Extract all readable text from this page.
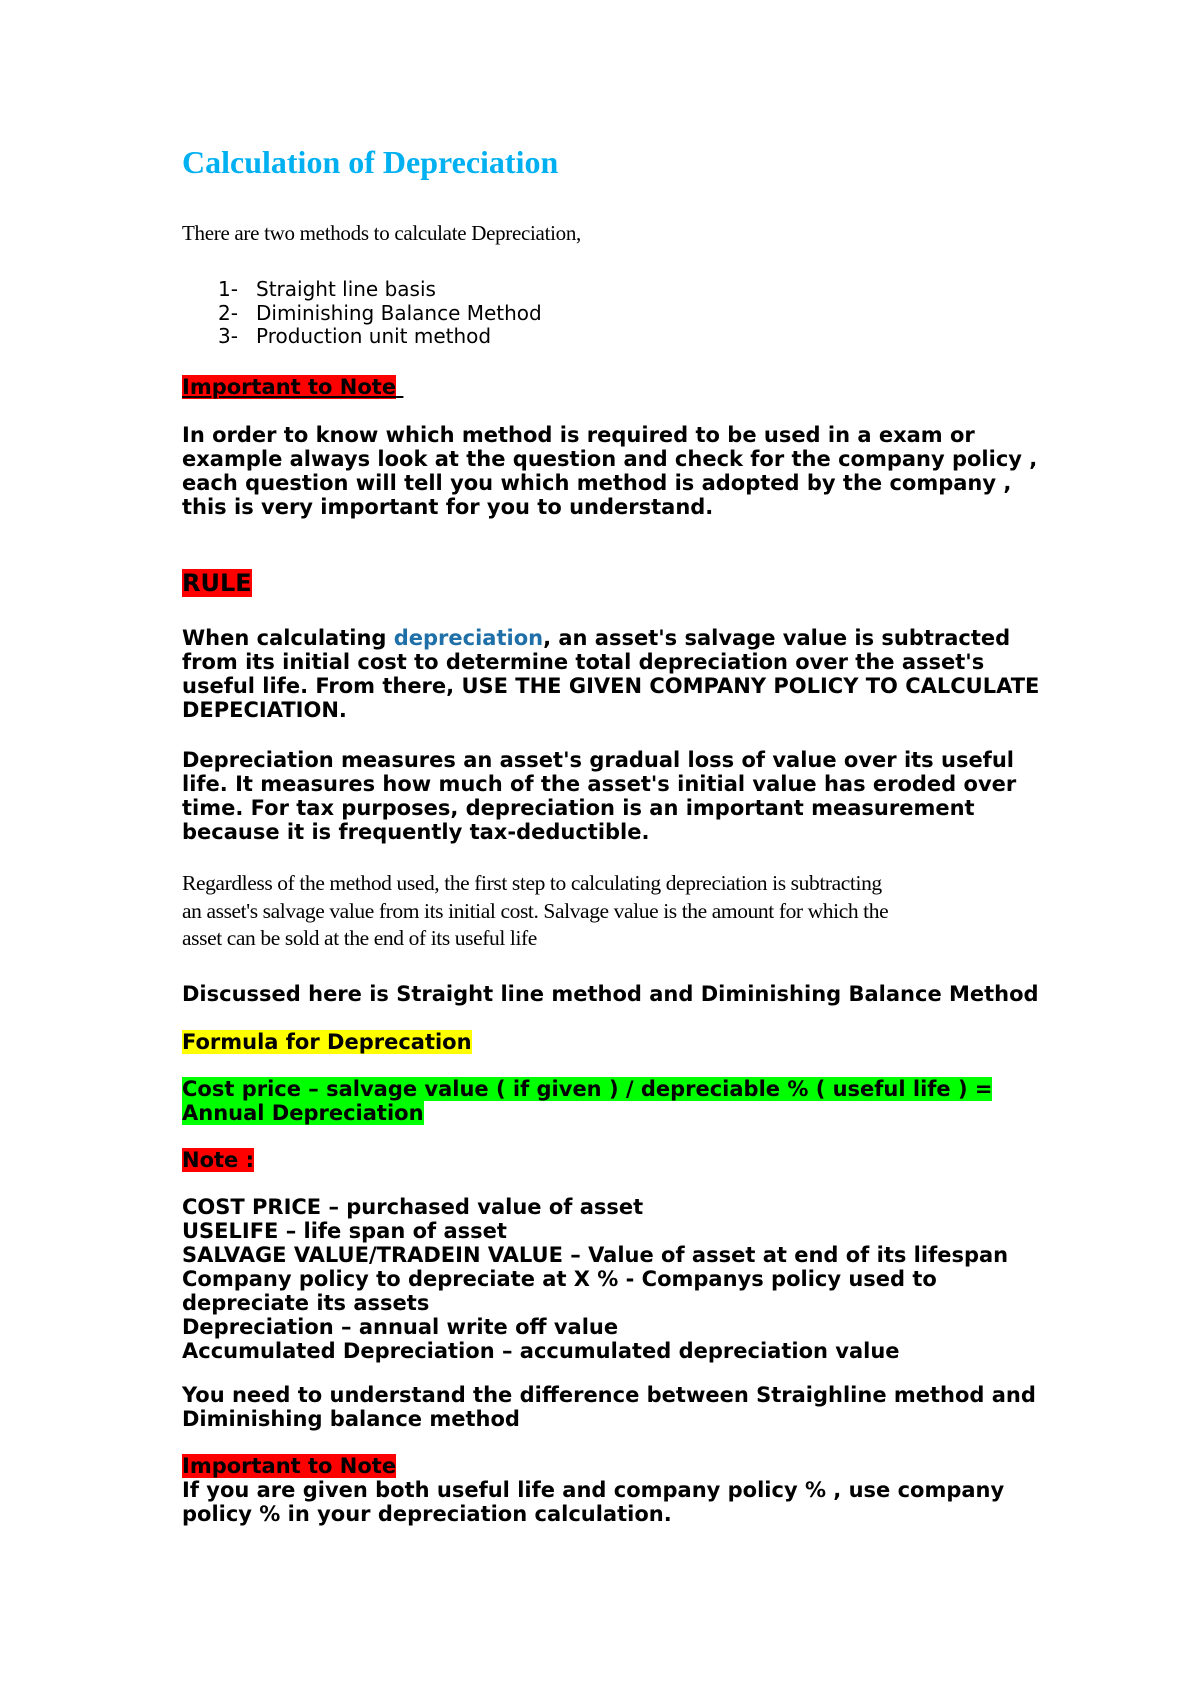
Calculation of Depreciation
There are two methods to calculate Depreciation,
1- Straight line basis
2- Diminishing Balance Method
3- Production unit method
Important to Note
In order to know which method is required to be used in a exam or
example always look at the question and check for the company policy ,
each question will tell you which method is adopted by the company ,
this is very important for you to understand.
RULE
When calculating depreciation, an asset's salvage value is subtracted
from its initial cost to determine total depreciation over the asset's
useful life. From there, USE THE GIVEN COMPANY POLICY TO CALCULATE
DEPECIATION.
Depreciation measures an asset's gradual loss of value over its useful
life. It measures how much of the asset's initial value has eroded over
time. For tax purposes, depreciation is an important measurement
because it is frequently tax-deductible.
Regardless of the method used, the first step to calculating depreciation is subtracting
an asset's salvage value from its initial cost. Salvage value is the amount for which the
asset can be sold at the end of its useful life
Discussed here is Straight line method and Diminishing Balance Method
Formula for Deprecation
Cost price – salvage value ( if given ) / depreciable % ( useful life ) =
Annual Depreciation
Note :
COST PRICE – purchased value of asset
USELIFE – life span of asset
SALVAGE VALUE/TRADEIN VALUE – Value of asset at end of its lifespan
Company policy to depreciate at X % - Companys policy used to
depreciate its assets
Depreciation – annual write off value
Accumulated Depreciation – accumulated depreciation value
You need to understand the difference between Straighline method and
Diminishing balance method
Important to Note
If you are given both useful life and company policy % , use company
policy % in your depreciation calculation.
